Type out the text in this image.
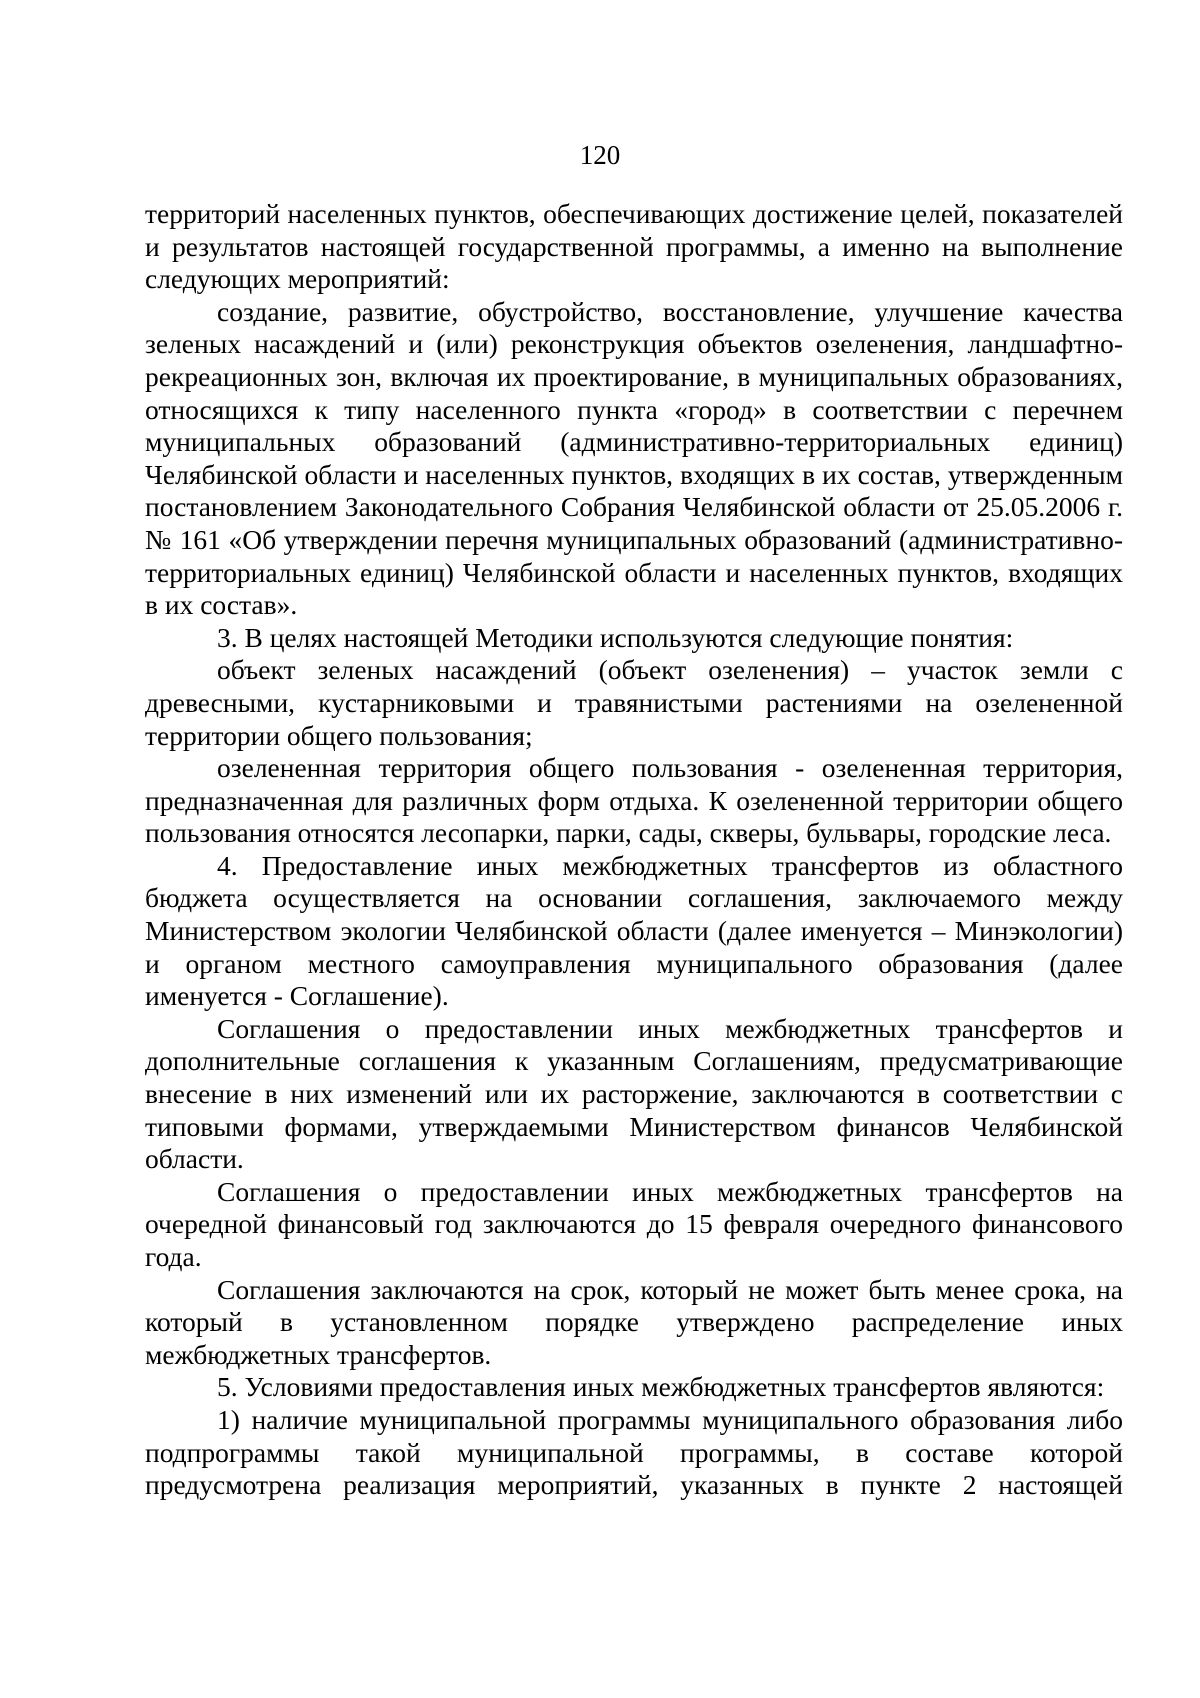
120

территорий населенных пунктов, обеспечивающих достижение целей, показателей и результатов настоящей государственной программы, а именно на выполнение следующих мероприятий:

создание, развитие, обустройство, восстановление, улучшение качества зеленых насаждений и (или) реконструкция объектов озеленения, ландшафтно-рекреационных зон, включая их проектирование, в муниципальных образованиях, относящихся к типу населенного пункта «город» в соответствии с перечнем муниципальных образований (административно-территориальных единиц) Челябинской области и населенных пунктов, входящих в их состав, утвержденным постановлением Законодательного Собрания Челябинской области от 25.05.2006 г. № 161 «Об утверждении перечня муниципальных образований (административно-территориальных единиц) Челябинской области и населенных пунктов, входящих в их состав».

3. В целях настоящей Методики используются следующие понятия:

объект зеленых насаждений (объект озеленения) – участок земли с древесными, кустарниковыми и травянистыми растениями на озелененной территории общего пользования;

озелененная территория общего пользования - озелененная территория, предназначенная для различных форм отдыха. К озелененной территории общего пользования относятся лесопарки, парки, сады, скверы, бульвары, городские леса.

4. Предоставление иных межбюджетных трансфертов из областного бюджета осуществляется на основании соглашения, заключаемого между Министерством экологии Челябинской области (далее именуется – Минэкологии) и органом местного самоуправления муниципального образования (далее именуется - Соглашение).

Соглашения о предоставлении иных межбюджетных трансфертов и дополнительные соглашения к указанным Соглашениям, предусматривающие внесение в них изменений или их расторжение, заключаются в соответствии с типовыми формами, утверждаемыми Министерством финансов Челябинской области.

Соглашения о предоставлении иных межбюджетных трансфертов на очередной финансовый год заключаются до 15 февраля очередного финансового года.

Соглашения заключаются на срок, который не может быть менее срока, на который в установленном порядке утверждено распределение иных межбюджетных трансфертов.

5. Условиями предоставления иных межбюджетных трансфертов являются:

1) наличие муниципальной программы муниципального образования либо подпрограммы такой муниципальной программы, в составе которой предусмотрена реализация мероприятий, указанных в пункте 2 настоящей
